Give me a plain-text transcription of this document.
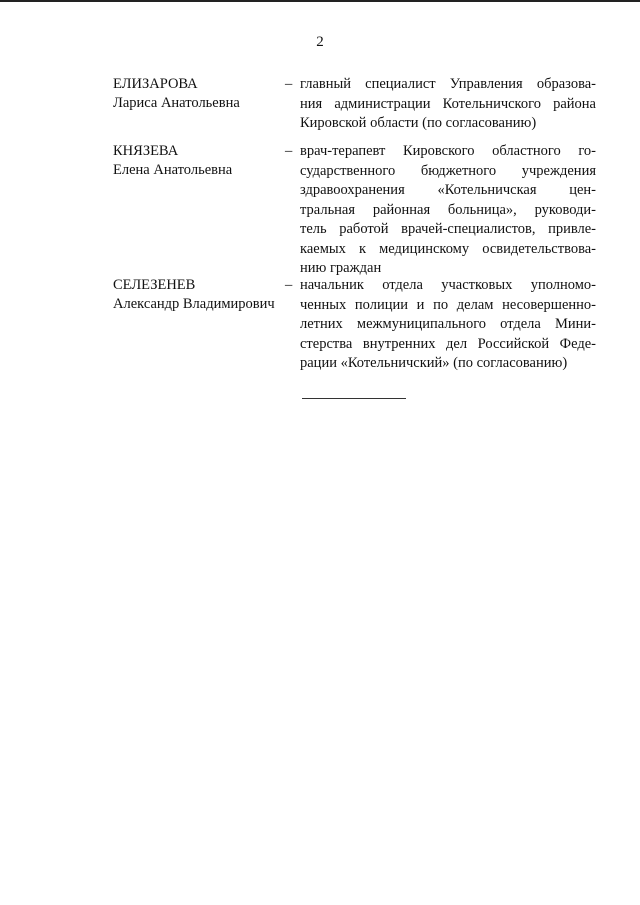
2
ЕЛИЗАРОВА
Лариса Анатольевна
– главный специалист Управления образова-
ния администрации Котельничского района
Кировской области (по согласованию)
КНЯЗЕВА
Елена Анатольевна
– врач-терапевт Кировского областного го-
сударственного бюджетного учреждения
здравоохранения «Котельничская цен-
тральная районная больница», руководи-
тель работой врачей-специалистов, привле-
каемых к медицинскому освидетельствова-
нию граждан
СЕЛЕЗЕНЕВ
Александр Владимирович
– начальник отдела участковых уполномо-
ченных полиции и по делам несовершенно-
летних межмуниципального отдела Мини-
стерства внутренних дел Российской Феде-
рации «Котельничский» (по согласованию)
